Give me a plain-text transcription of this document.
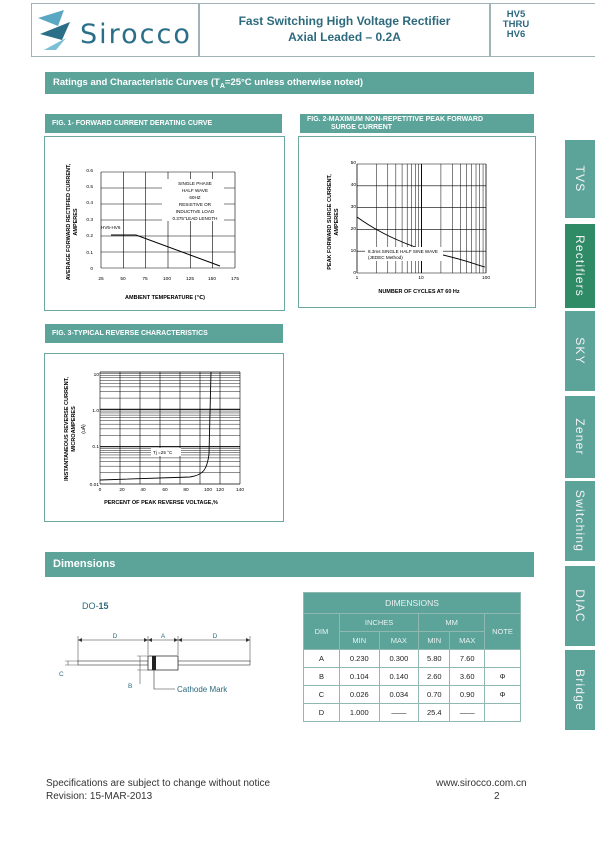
Sirocco	Fast Switching High Voltage Rectifier
Axial Leaded – 0.2A
HV5
THRU
HV6
Ratings and Characteristic Curves ($T_A=25^\circ C$ unless otherwise noted)
FIG. 1- FORWARD CURRENT DERATING CURVE
AVERAGE FORWARD RECTIFIED CURRENT, AMPERES
AMBIENT TEMPERATURE (℃)
SINGLE PHASE
HALF WAVE
60HZ
RESISTIVE OR
INDUCTIVE LOAD
0.375"LEAD LENGTH
HV5-HV6
25	50	75	100	125	150	175
0
0.1
0.2
0.3
0.4
0.5
0.6
FIG. 2-MAXIMUM NON-REPETITIVE PEAK FORWARD
SURGE CURRENT
PEAK FORWARD SURGE CURRENT, AMPERES
NUMBER OF CYCLES AT 60 Hz
8.3ms SINGLE HALF SINE WAVE
(JEDEC Method)
1	10	100
0
10
20
30
40
50
FIG. 3-TYPICAL REVERSE CHARACTERISTICS
INSTANTANEOUS REVERSE CURRENT, MICROAMPERES (uA)
PERCENT OF PEAK REVERSE VOLTAGE,%
Tj =25 °C
0	20	40	60	80	100 120 140
10
1.0
0.1
0.01
Dimensions
DO-15
D	A	D
C
B	Cathode Mark
DIMENSIONS					
DIM	INCHES		MM		NOTE
	MIN	MAX	MIN	MAX	
A	0.230	0.300	5.80	7.60	
B	0.104	0.140	2.60	3.60	Φ
C	0.026	0.034	0.70	0.90	Φ
D	1.000	——	25.4	——	
TVS
Rectifiers
SKY
Zener
Switching
DIAC
Bridge
Specifications are subject to change without notice
Revision: 15-MAR-2013
www.sirocco.com.cn
2
